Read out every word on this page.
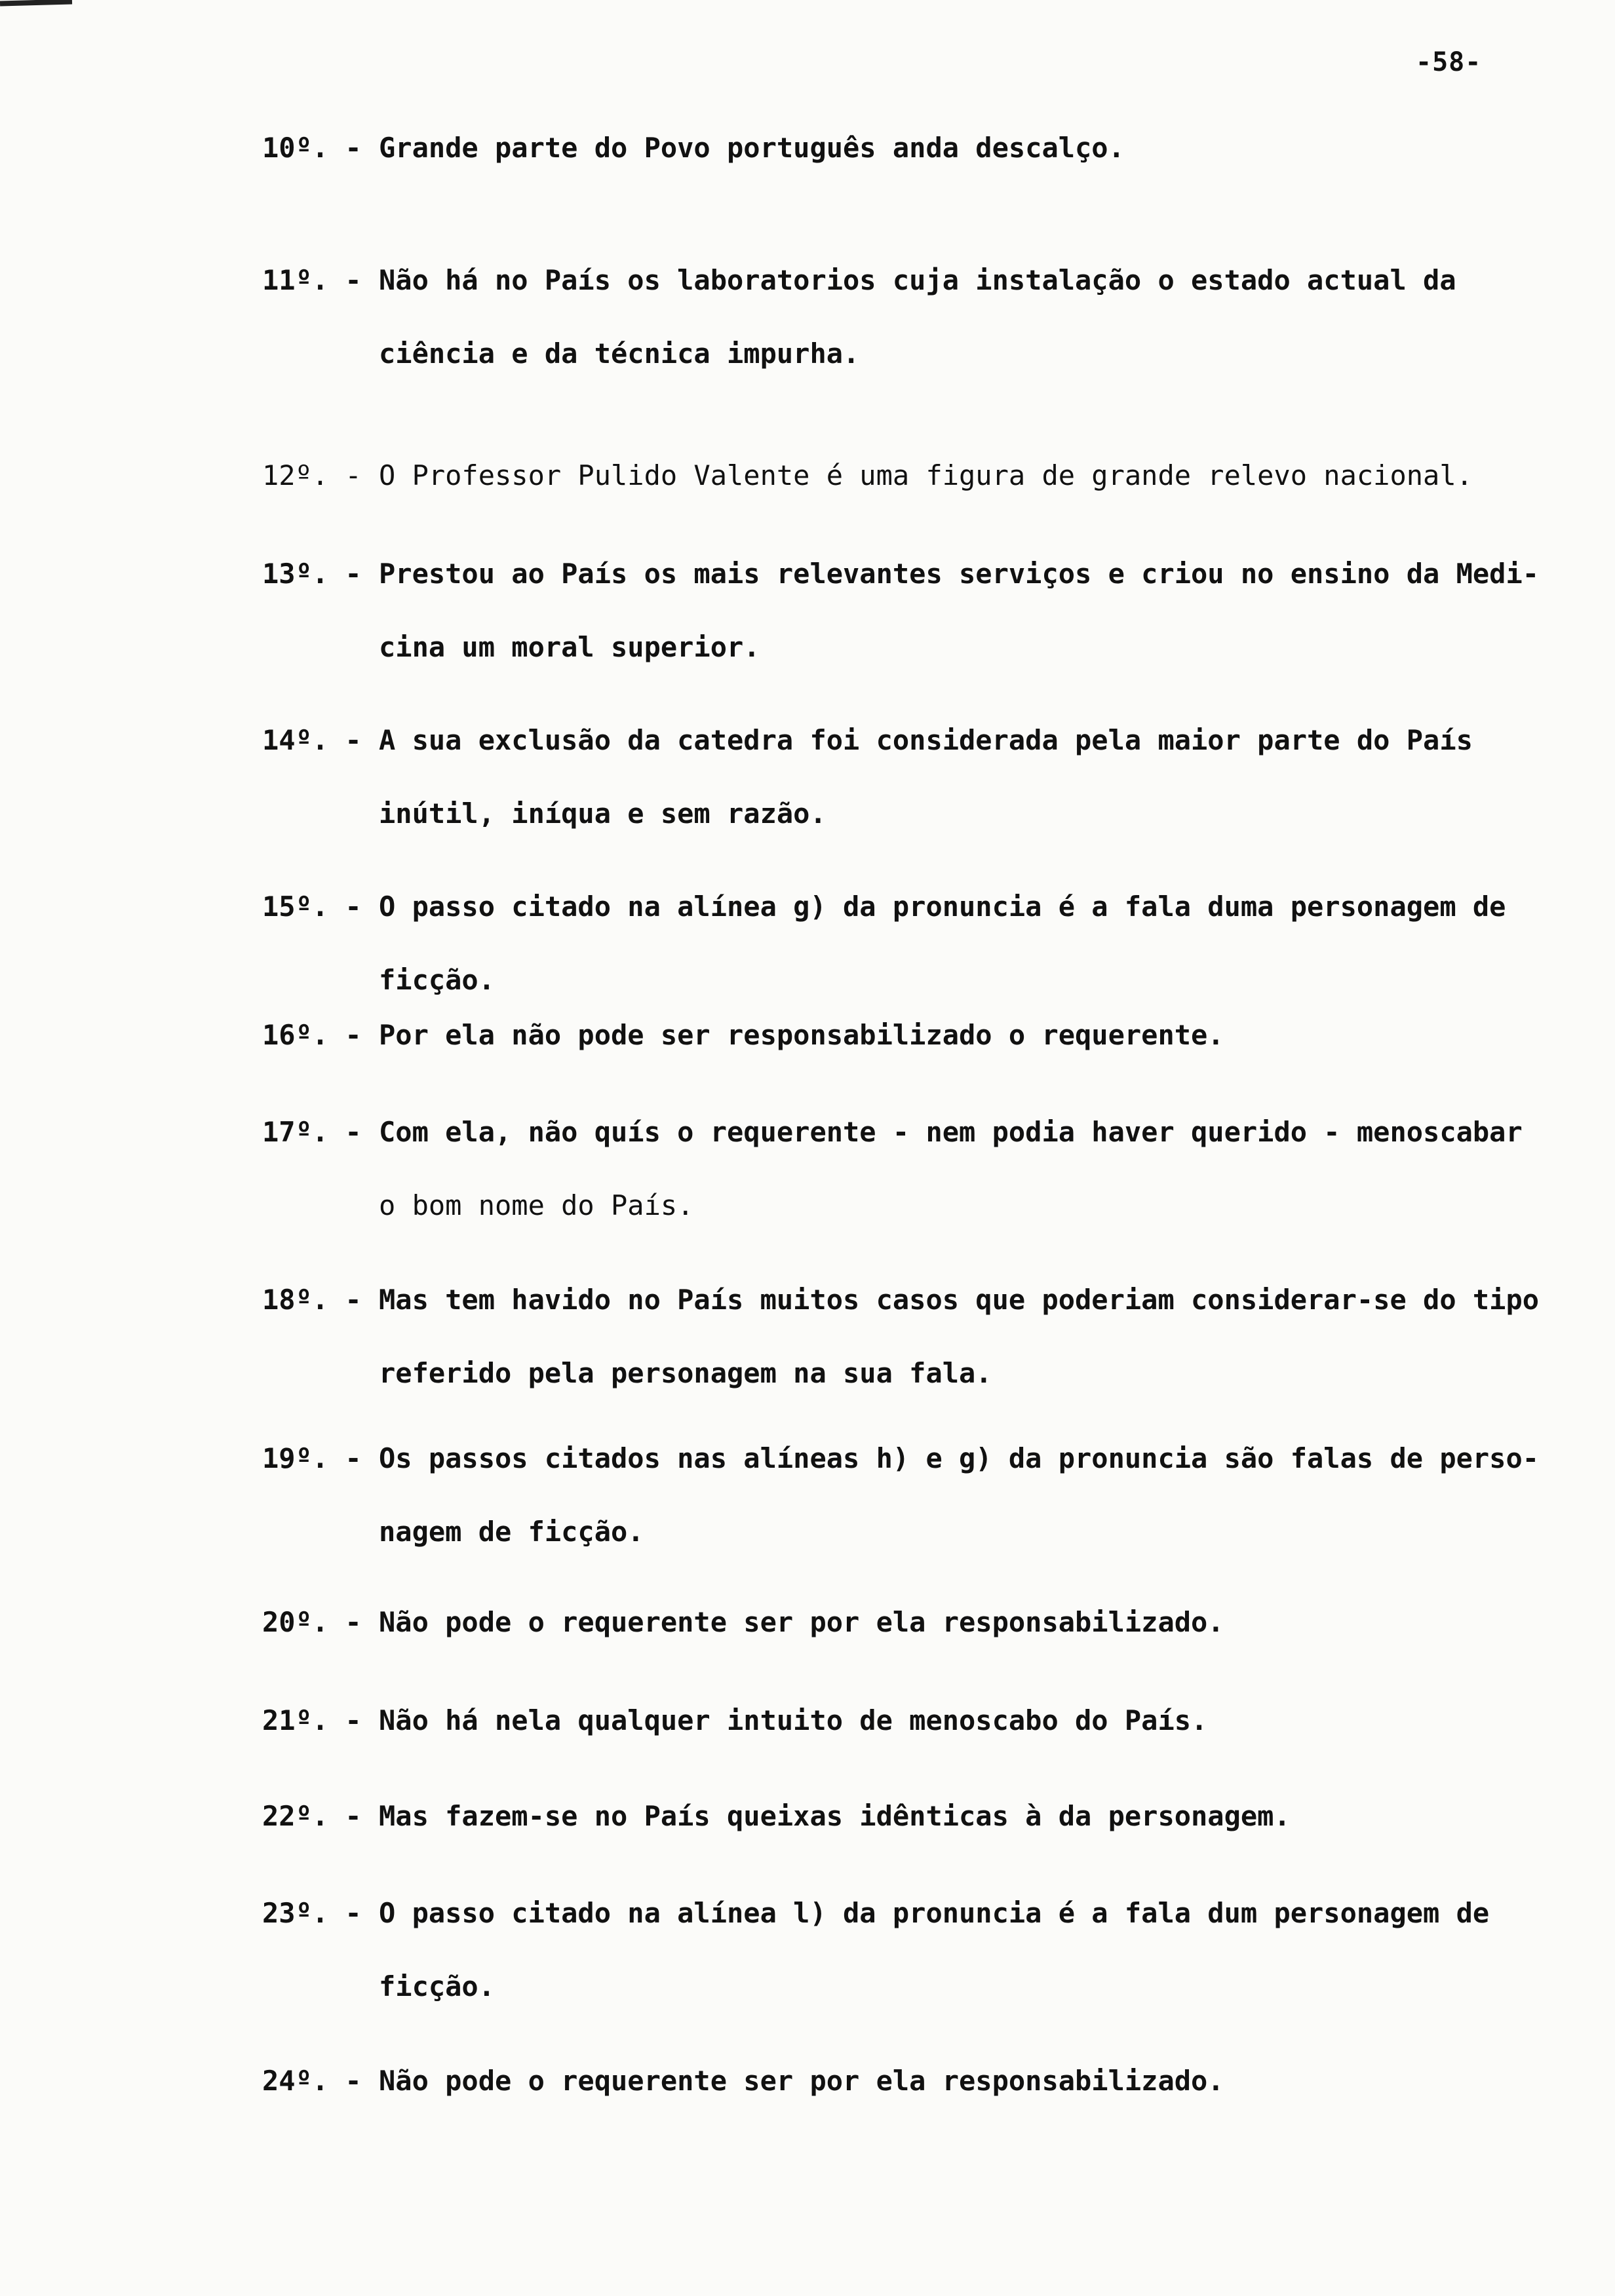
-58-
10º. - Grande parte do Povo português anda descalço.
11º. - Não há no País os laboratorios cuja instalação o estado actual da
ciência e da técnica impurha.
12º. - O Professor Pulido Valente é uma figura de grande relevo nacional.
13º. - Prestou ao País os mais relevantes serviços e criou no ensino da Medi-
cina um moral superior.
14º. - A sua exclusão da catedra foi considerada pela maior parte do País
inútil, iníqua e sem razão.
15º. - O passo citado na alínea g) da pronuncia é a fala duma personagem de
ficção.
16º. - Por ela não pode ser responsabilizado o requerente.
17º. - Com ela, não quís o requerente - nem podia haver querido - menoscabar
o bom nome do País.
18º. - Mas tem havido no País muitos casos que poderiam considerar-se do tipo
referido pela personagem na sua fala.
19º. - Os passos citados nas alíneas h) e g) da pronuncia são falas de perso-
nagem de ficção.
20º. - Não pode o requerente ser por ela responsabilizado.
21º. - Não há nela qualquer intuito de menoscabo do País.
22º. - Mas fazem-se no País queixas idênticas à da personagem.
23º. - O passo citado na alínea l) da pronuncia é a fala dum personagem de
ficção.
24º. - Não pode o requerente ser por ela responsabilizado.
